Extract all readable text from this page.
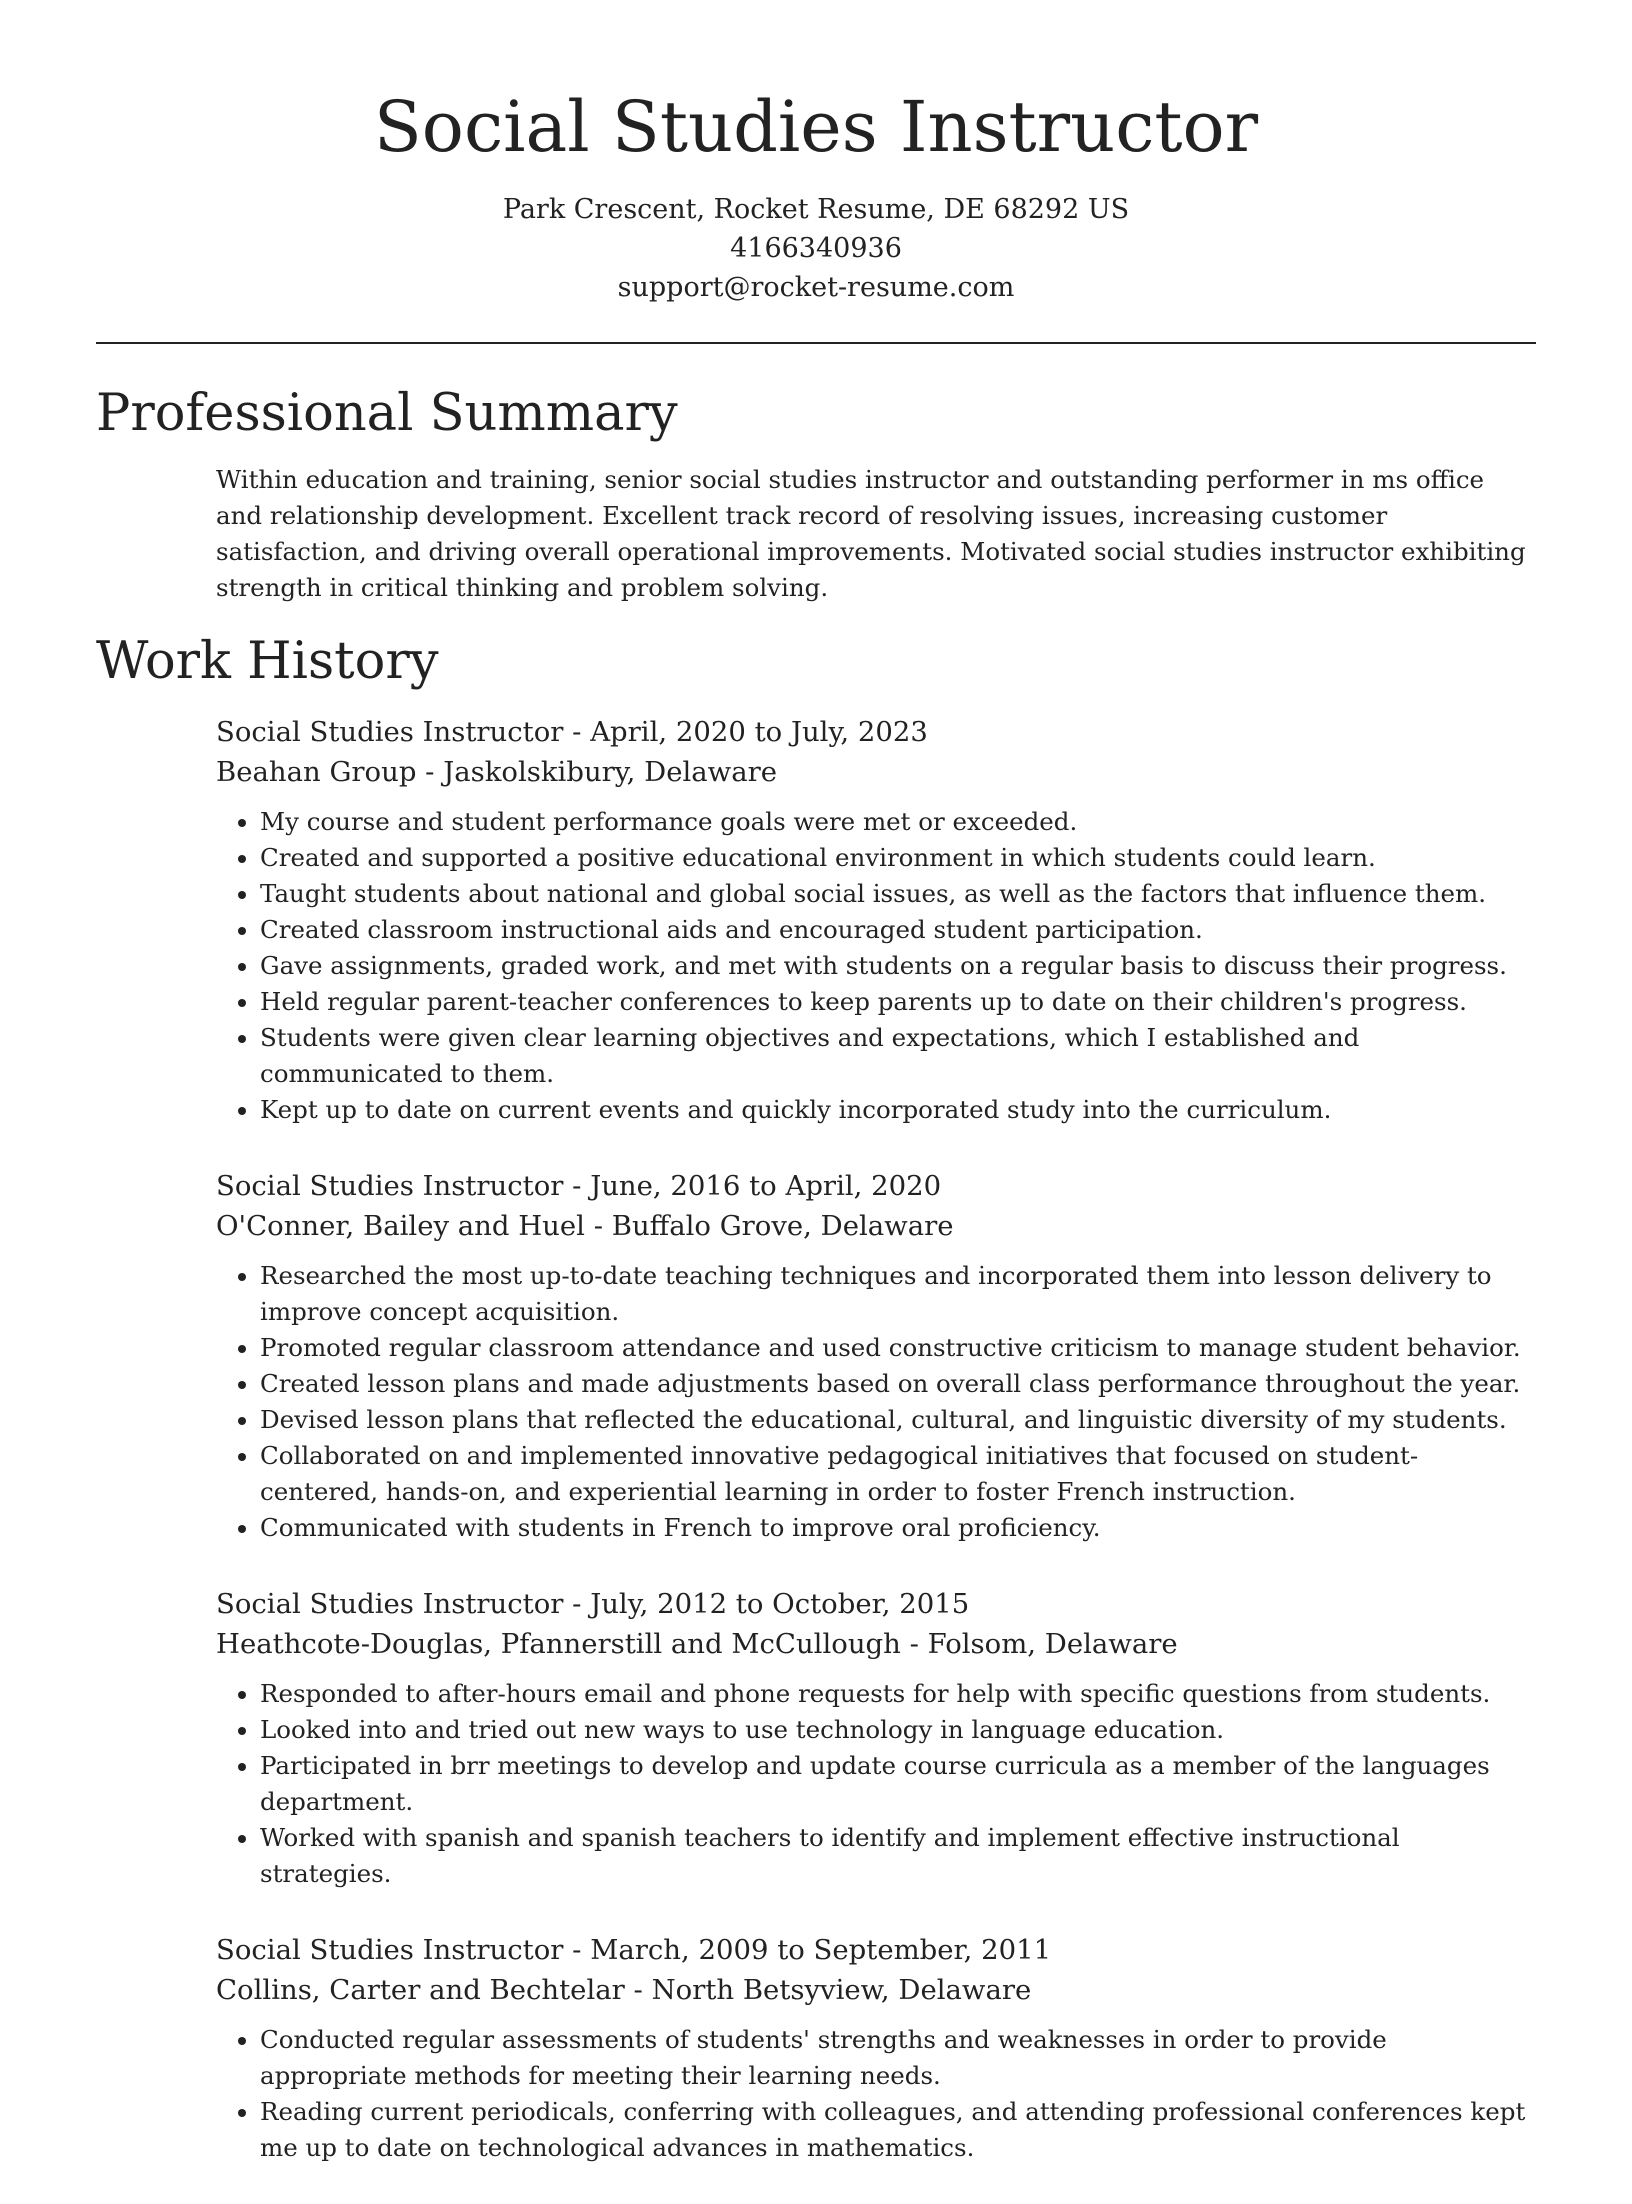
Social Studies Instructor
Park Crescent, Rocket Resume, DE 68292 US
4166340936
support@rocket-resume.com
Professional Summary
Within education and training, senior social studies instructor and outstanding performer in ms office and relationship development. Excellent track record of resolving issues, increasing customer satisfaction, and driving overall operational improvements. Motivated social studies instructor exhibiting strength in critical thinking and problem solving.
Work History
Social Studies Instructor - April, 2020 to July, 2023
Beahan Group - Jaskolskibury, Delaware
• My course and student performance goals were met or exceeded.
• Created and supported a positive educational environment in which students could learn.
• Taught students about national and global social issues, as well as the factors that influence them.
• Created classroom instructional aids and encouraged student participation.
• Gave assignments, graded work, and met with students on a regular basis to discuss their progress.
• Held regular parent-teacher conferences to keep parents up to date on their children's progress.
• Students were given clear learning objectives and expectations, which I established and communicated to them.
• Kept up to date on current events and quickly incorporated study into the curriculum.
Social Studies Instructor - June, 2016 to April, 2020
O'Conner, Bailey and Huel - Buffalo Grove, Delaware
• Researched the most up-to-date teaching techniques and incorporated them into lesson delivery to improve concept acquisition.
• Promoted regular classroom attendance and used constructive criticism to manage student behavior.
• Created lesson plans and made adjustments based on overall class performance throughout the year.
• Devised lesson plans that reflected the educational, cultural, and linguistic diversity of my students.
• Collaborated on and implemented innovative pedagogical initiatives that focused on student-centered, hands-on, and experiential learning in order to foster French instruction.
• Communicated with students in French to improve oral proficiency.
Social Studies Instructor - July, 2012 to October, 2015
Heathcote-Douglas, Pfannerstill and McCullough - Folsom, Delaware
• Responded to after-hours email and phone requests for help with specific questions from students.
• Looked into and tried out new ways to use technology in language education.
• Participated in brr meetings to develop and update course curricula as a member of the languages department.
• Worked with spanish and spanish teachers to identify and implement effective instructional strategies.
Social Studies Instructor - March, 2009 to September, 2011
Collins, Carter and Bechtelar - North Betsyview, Delaware
• Conducted regular assessments of students' strengths and weaknesses in order to provide appropriate methods for meeting their learning needs.
• Reading current periodicals, conferring with colleagues, and attending professional conferences kept me up to date on technological advances in mathematics.
